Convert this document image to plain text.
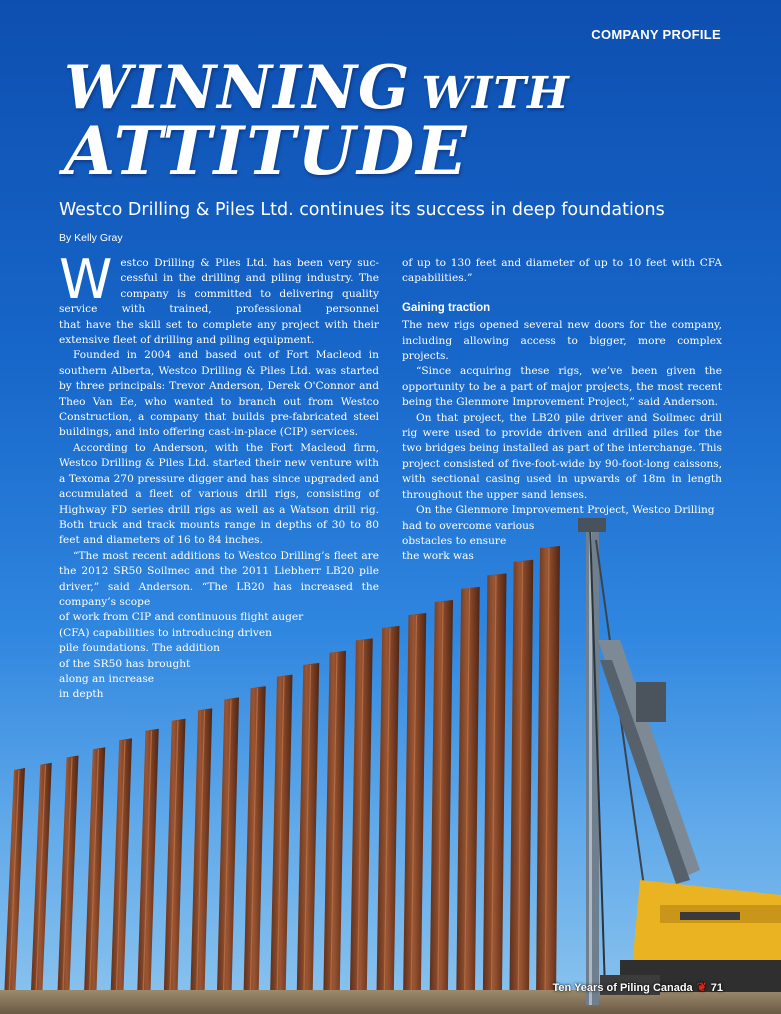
COMPANY PROFILE
WINNING WITH
ATTITUDE
Westco Drilling & Piles Ltd. continues its success in deep foundations
By Kelly Gray

W estco Drilling & Piles Ltd. has been very suc-
cessful in the drilling and piling industry. The
company is committed to delivering quality
service with trained, professional personnel
that have the skill set to complete any project with their extensive fleet of drilling and piling equipment.

Founded in 2004 and based out of Fort Macleod in southern Alberta, Westco Drilling & Piles Ltd. was started by three principals: Trevor Anderson, Derek O'Connor and Theo Van Ee, who wanted to branch out from Westco Construction, a company that builds pre-fabricated steel buildings, and into offering cast-in-place (CIP) services.

According to Anderson, with the Fort Macleod firm, Westco Drilling & Piles Ltd. started their new venture with a Texoma 270 pressure digger and has since upgraded and accumulated a fleet of various drill rigs, consisting of Highway FD series drill rigs as well as a Watson drill rig. Both truck and track mounts range in depths of 30 to 80 feet and diameters of 16 to 84 inches.

“The most recent additions to Westco Drilling’s fleet are the 2012 SR50 Soilmec and the 2011 Liebherr LB20 pile driver,” said Anderson. “The LB20 has increased the company’s scope

of work from CIP and continuous flight auger
(CFA) capabilities to introducing driven
pile foundations. The addition
of the SR50 has brought
along an increase
in depth

of up to 130 feet and diameter of up to 10 feet with CFA capabilities.”

Gaining traction

The new rigs opened several new doors for the company, including allowing access to bigger, more complex projects.

“Since acquiring these rigs, we’ve been given the opportunity to be a part of major projects, the most recent being the Glenmore Improvement Project,” said Anderson.

On that project, the LB20 pile driver and Soilmec drill rig were used to provide driven and drilled piles for the two bridges being installed as part of the interchange. This project consisted of five-foot-wide by 90-foot-long caissons, with sectional casing used in upwards of 18m in length throughout the upper sand lenses.

On the Glenmore Improvement Project, Westco Drilling

had to overcome various
obstacles to ensure
the work was
Ten Years of Piling Canada ❦ 71
